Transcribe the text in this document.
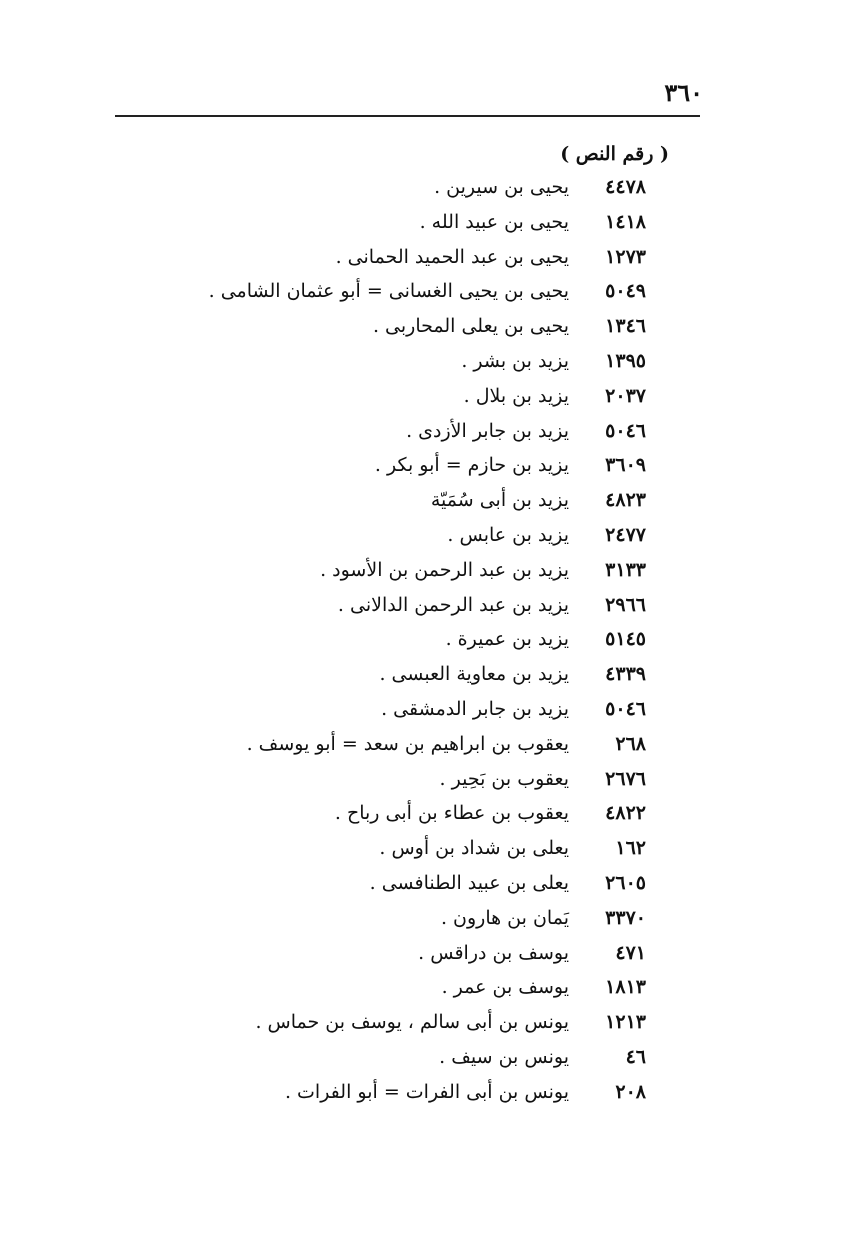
٣٦٠
( رقم النص )
٤٤٧٨
يحيى بن سيرين .
١٤١٨
يحيى بن عبيد الله .
١٢٧٣
يحيى بن عبد الحميد الحمانى .
٥٠٤٩
يحيى بن يحيى الغسانى = أبو عثمان الشامى .
١٣٤٦
يحيى بن يعلى المحاربى .
١٣٩٥
يزيد بن بشر .
٢٠٣٧
يزيد بن بلال .
٥٠٤٦
يزيد بن جابر الأزدى .
٣٦٠٩
يزيد بن حازم = أبو بكر .
٤٨٢٣
يزيد بن أبى سُمَيّة
٢٤٧٧
يزيد بن عابس .
٣١٣٣
يزيد بن عبد الرحمن بن الأسود .
٢٩٦٦
يزيد بن عبد الرحمن الدالانى .
٥١٤٥
يزيد بن عميرة .
٤٣٣٩
يزيد بن معاوية العبسى .
٥٠٤٦
يزيد بن جابر الدمشقى .
٢٦٨
يعقوب بن ابراهيم بن سعد = أبو يوسف .
٢٦٧٦
يعقوب بن بَحِير .
٤٨٢٢
يعقوب بن عطاء بن أبى رباح .
١٦٢
يعلى بن شداد بن أوس .
٢٦٠٥
يعلى بن عبيد الطنافسى .
٣٣٧٠
يَمان بن هارون .
٤٧١
يوسف بن دراقس .
١٨١٣
يوسف بن عمر .
١٢١٣
يونس بن أبى سالم ، يوسف بن حماس .
٤٦
يونس بن سيف .
٢٠٨
يونس بن أبى الفرات = أبو الفرات .
